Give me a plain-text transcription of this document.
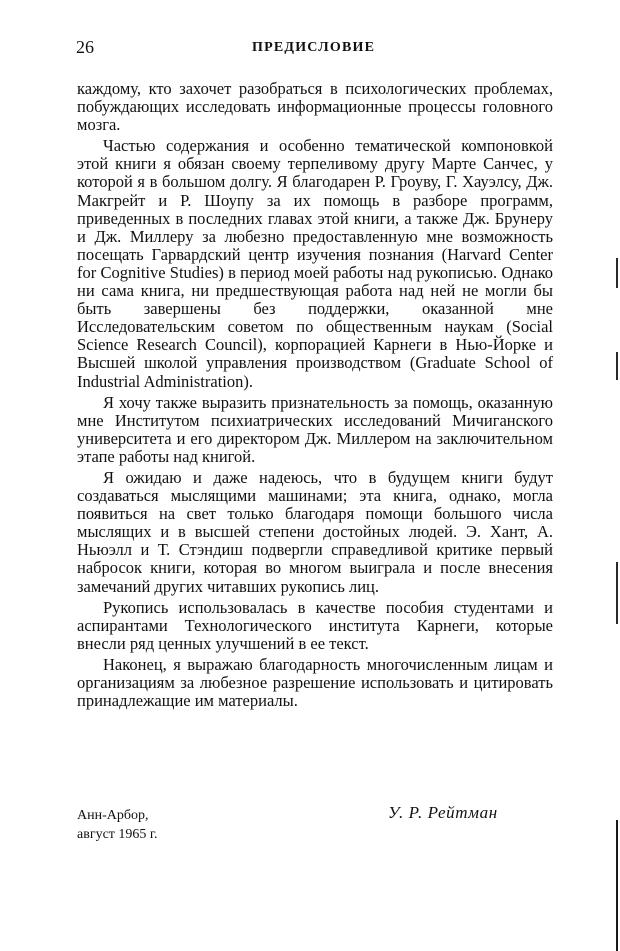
26	ПРЕДИСЛОВИЕ

каждому, кто захочет разобраться в психологических проблемах, побуждающих исследовать информационные процессы головного мозга.

Частью содержания и особенно тематической компоновкой этой книги я обязан своему терпеливому другу Марте Санчес, у которой я в большом долгу. Я благодарен Р. Гроуву, Г. Хауэлсу, Дж. Макгрейт и Р. Шоупу за их помощь в разборе программ, приведенных в последних главах этой книги, а также Дж. Брунеру и Дж. Миллеру за любезно предоставленную мне возможность посещать Гарвардский центр изучения познания (Harvard Center for Cognitive Studies) в период моей работы над рукописью. Однако ни сама книга, ни предшествующая работа над ней не могли бы быть завершены без поддержки, оказанной мне Исследовательским советом по общественным наукам (Social Science Research Council), корпорацией Карнеги в Нью-Йорке и Высшей школой управления производством (Graduate School of Industrial Administration).

Я хочу также выразить признательность за помощь, оказанную мне Институтом психиатрических исследований Мичиганского университета и его директором Дж. Миллером на заключительном этапе работы над книгой.

Я ожидаю и даже надеюсь, что в будущем книги будут создаваться мыслящими машинами; эта книга, однако, могла появиться на свет только благодаря помощи большого числа мыслящих и в высшей степени достойных людей. Э. Хант, А. Ньюэлл и Т. Стэндиш подвергли справедливой критике первый набросок книги, которая во многом выиграла и после внесения замечаний других читавших рукопись лиц.

Рукопись использовалась в качестве пособия студентами и аспирантами Технологического института Карнеги, которые внесли ряд ценных улучшений в ее текст.

Наконец, я выражаю благодарность многочисленным лицам и организациям за любезное разрешение использовать и цитировать принадлежащие им материалы.

Анн-Арбор,
август 1965 г.
У. Р. Рейтман
